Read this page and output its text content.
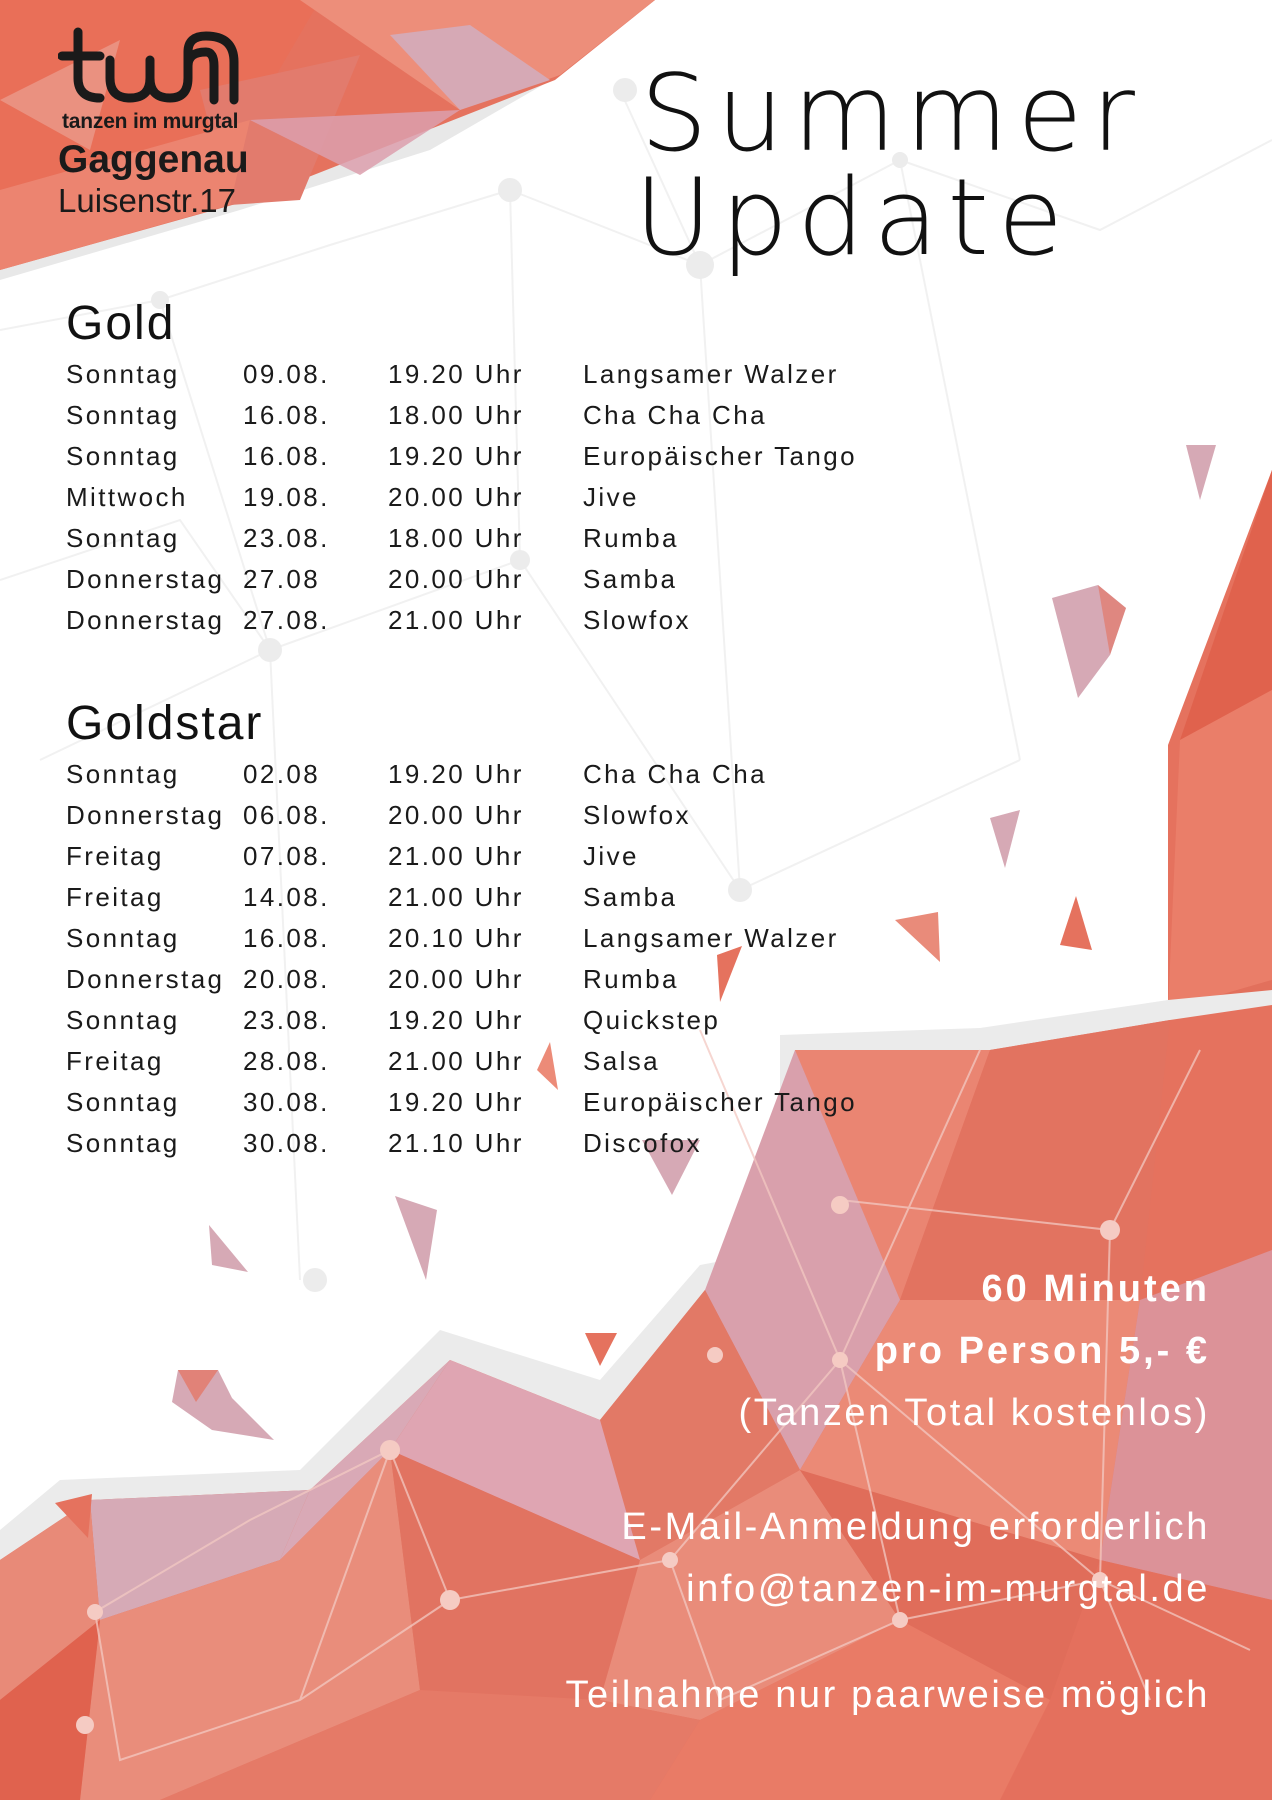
tanzen im murgtal
Gaggenau
Luisenstr.17
Summer
Update
Gold
Sonntag	09.08.	19.20 Uhr	Langsamer Walzer
Sonntag	16.08.	18.00 Uhr	Cha Cha Cha
Sonntag	16.08.	19.20 Uhr	Europäischer Tango
Mittwoch	19.08.	20.00 Uhr	Jive
Sonntag	23.08.	18.00 Uhr	Rumba
Donnerstag 27.08	20.00 Uhr	Samba
Donnerstag 27.08.	21.00 Uhr	Slowfox
Goldstar
Sonntag	02.08	19.20 Uhr	Cha Cha Cha
Donnerstag 06.08.	20.00 Uhr	Slowfox
Freitag	07.08.	21.00 Uhr	Jive
Freitag	14.08.	21.00 Uhr	Samba
Sonntag	16.08.	20.10 Uhr	Langsamer Walzer
Donnerstag 20.08.	20.00 Uhr	Rumba
Sonntag	23.08.	19.20 Uhr	Quickstep
Freitag	28.08.	21.00 Uhr	Salsa
Sonntag	30.08.	19.20 Uhr	Europäischer Tango
Sonntag	30.08.	21.10 Uhr	Discofox
60 Minuten
pro Person 5,- €
(Tanzen Total kostenlos)
E-Mail-Anmeldung erforderlich
info@tanzen-im-murgtal.de
Teilnahme nur paarweise möglich
